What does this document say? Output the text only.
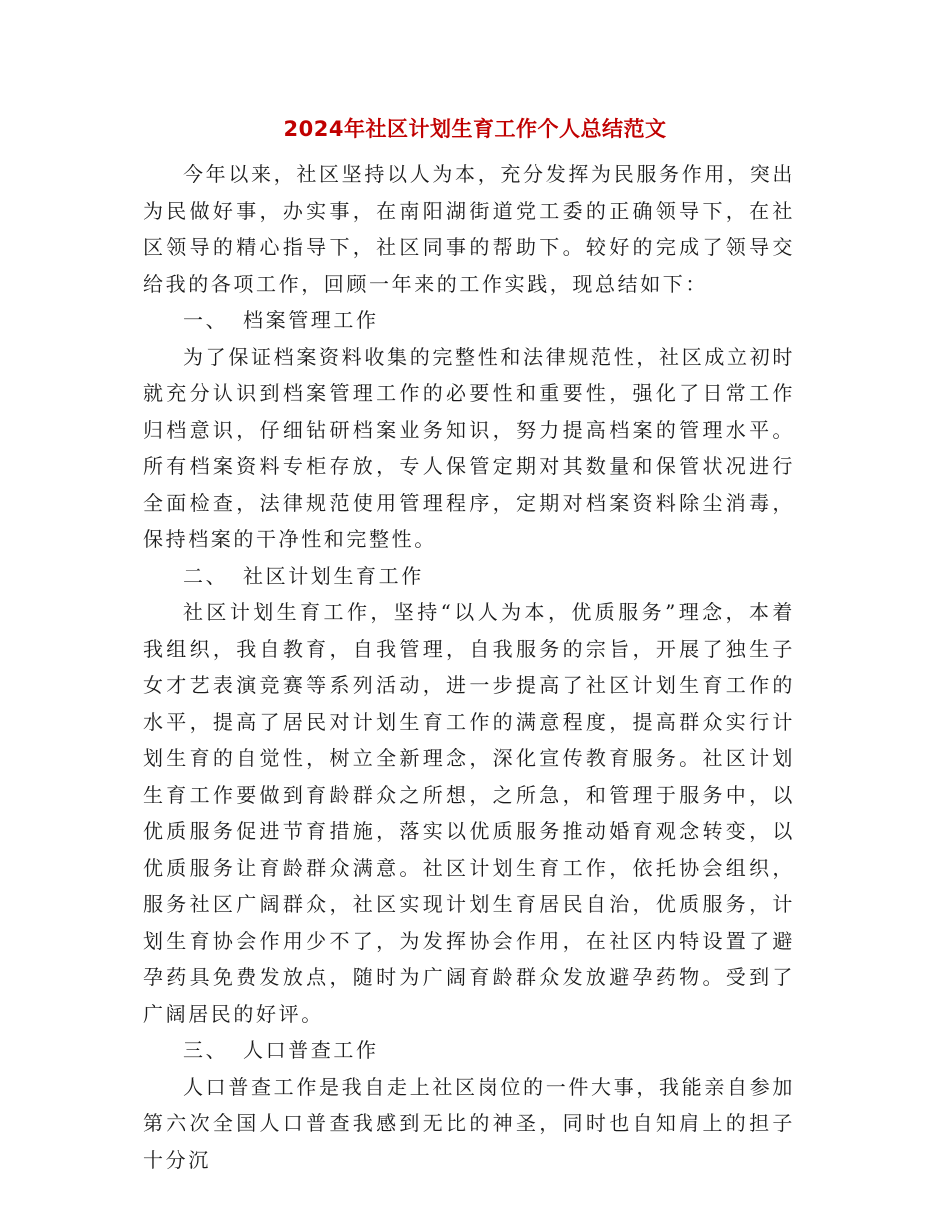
2024年社区计划生育工作个人总结范文

今年以来，社区坚持以人为本，充分发挥为民服务作用，突出为民做好事，办实事，在南阳湖街道党工委的正确领导下，在社区领导的精心指导下，社区同事的帮助下。较好的完成了领导交给我的各项工作，回顾一年来的工作实践，现总结如下：

一、 档案管理工作

为了保证档案资料收集的完整性和法律规范性，社区成立初时就充分认识到档案管理工作的必要性和重要性，强化了日常工作归档意识，仔细钻研档案业务知识，努力提高档案的管理水平。所有档案资料专柜存放，专人保管定期对其数量和保管状况进行全面检查，法律规范使用管理程序，定期对档案资料除尘消毒，保持档案的干净性和完整性。

二、 社区计划生育工作

社区计划生育工作，坚持“以人为本，优质服务”理念，本着我组织，我自教育，自我管理，自我服务的宗旨，开展了独生子女才艺表演竞赛等系列活动，进一步提高了社区计划生育工作的水平，提高了居民对计划生育工作的满意程度，提高群众实行计划生育的自觉性，树立全新理念，深化宣传教育服务。社区计划生育工作要做到育龄群众之所想，之所急，和管理于服务中，以优质服务促进节育措施，落实以优质服务推动婚育观念转变，以优质服务让育龄群众满意。社区计划生育工作，依托协会组织，服务社区广阔群众，社区实现计划生育居民自治，优质服务，计划生育协会作用少不了，为发挥协会作用，在社区内特设置了避孕药具免费发放点，随时为广阔育龄群众发放避孕药物。受到了广阔居民的好评。

三、 人口普查工作

人口普查工作是我自走上社区岗位的一件大事，我能亲自参加第六次全国人口普查我感到无比的神圣，同时也自知肩上的担子十分沉
